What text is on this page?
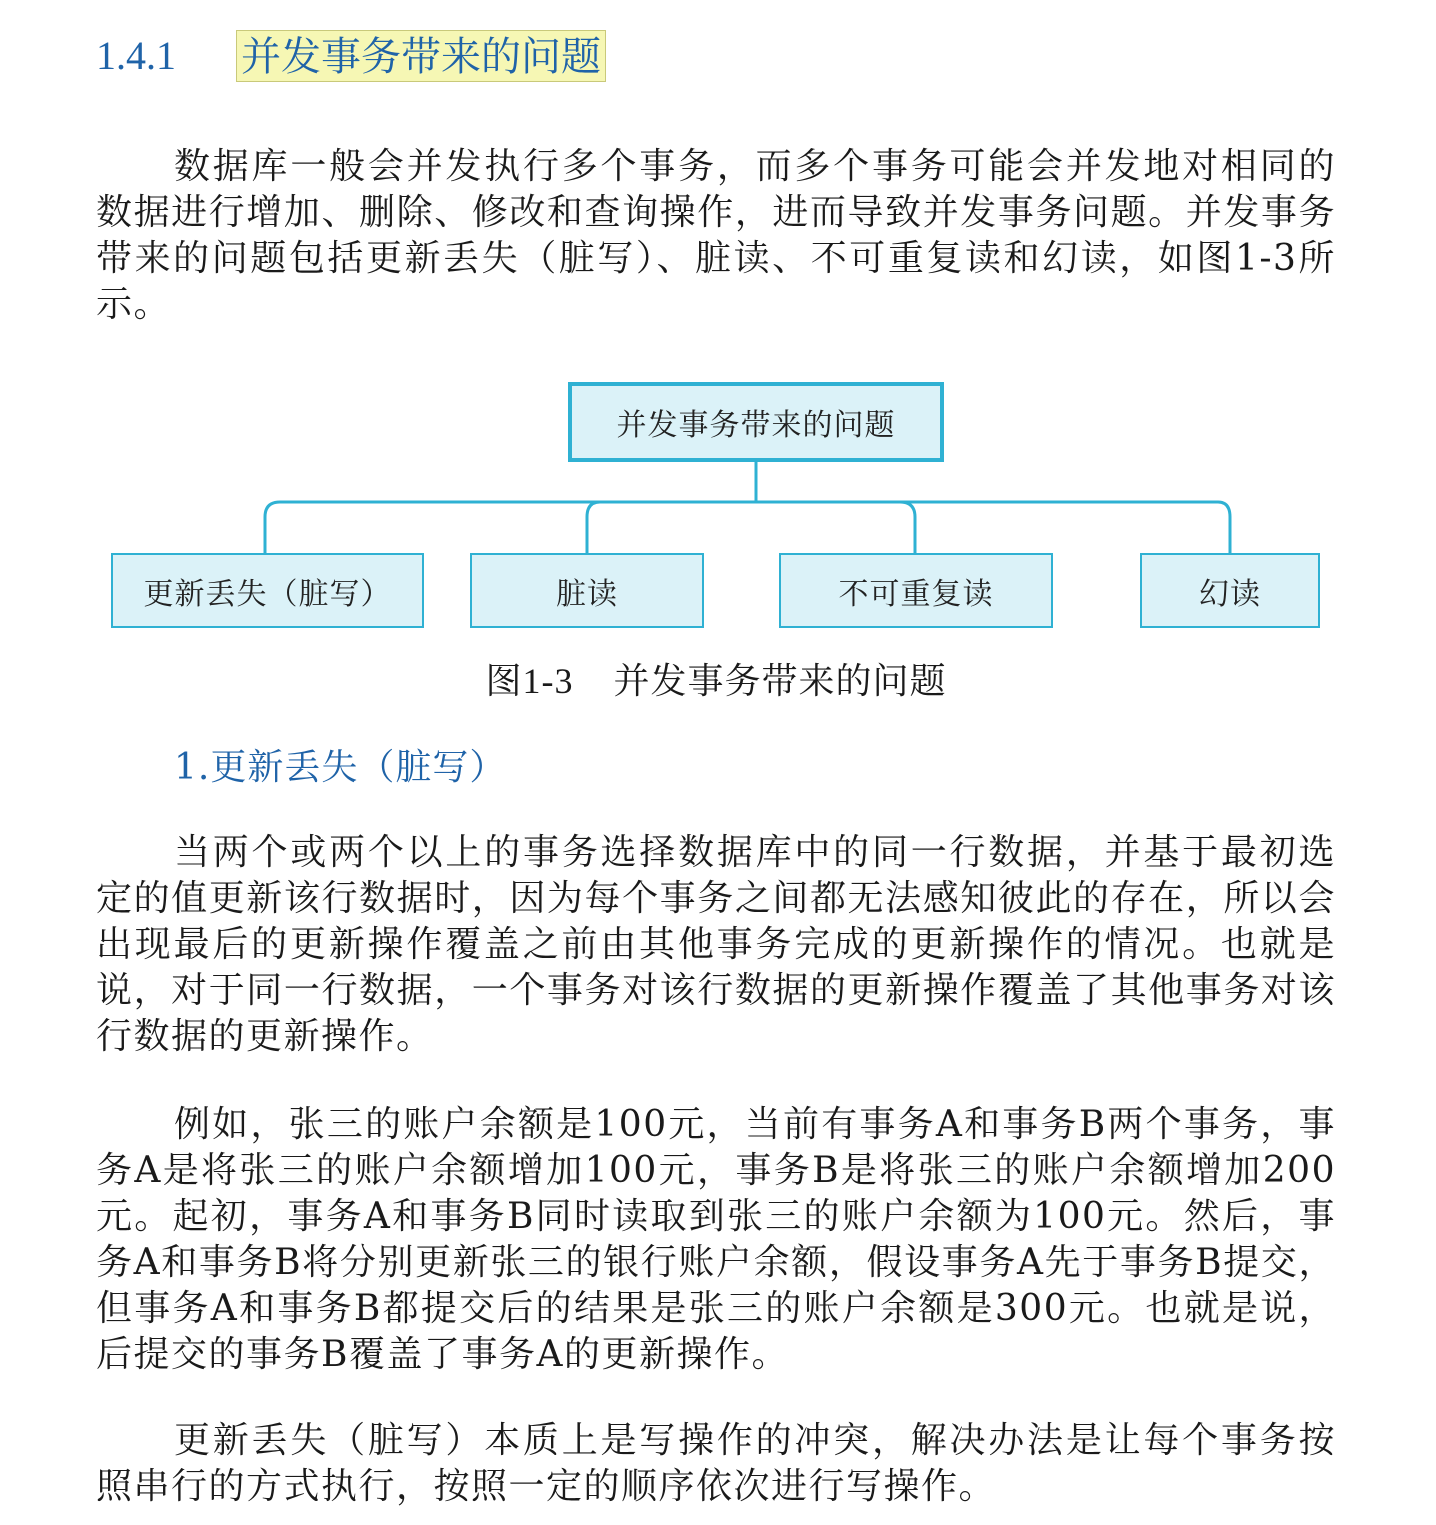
1.4.1	并发事务带来的问题

数据库一般会并发执行多个事务，而多个事务可能会并发地对相同的数据进行增加、删除、修改和查询操作，进而导致并发事务问题。并发事务带来的问题包括更新丢失（脏写）、脏读、不可重复读和幻读，如图1-3所示。

并发事务带来的问题
更新丢失（脏写）	脏读	不可重复读	幻读
图1-3 并发事务带来的问题
1.更新丢失（脏写）

当两个或两个以上的事务选择数据库中的同一行数据，并基于最初选定的值更新该行数据时，因为每个事务之间都无法感知彼此的存在，所以会出现最后的更新操作覆盖之前由其他事务完成的更新操作的情况。也就是说，对于同一行数据，一个事务对该行数据的更新操作覆盖了其他事务对该行数据的更新操作。

例如，张三的账户余额是100元，当前有事务A和事务B两个事务，事务A是将张三的账户余额增加100元，事务B是将张三的账户余额增加200元。起初，事务A和事务B同时读取到张三的账户余额为100元。然后，事务A和事务B将分别更新张三的银行账户余额，假设事务A先于事务B提交，但事务A和事务B都提交后的结果是张三的账户余额是300元。也就是说，后提交的事务B覆盖了事务A的更新操作。

更新丢失（脏写）本质上是写操作的冲突，解决办法是让每个事务按照串行的方式执行，按照一定的顺序依次进行写操作。
